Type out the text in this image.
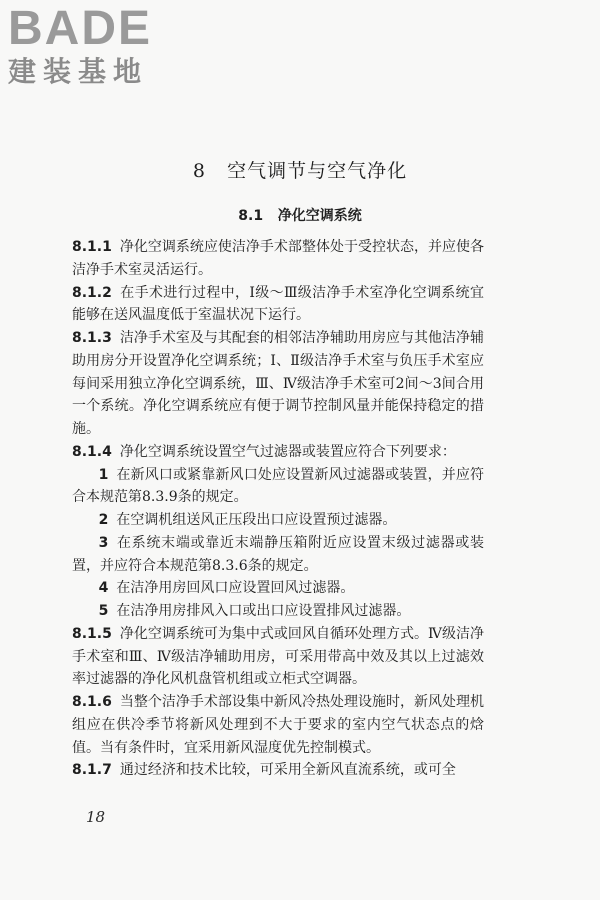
BADE
建装基地
8 空气调节与空气净化
8.1 净化空调系统

8.1.1 净化空调系统应使洁净手术部整体处于受控状态，并应使各洁净手术室灵活运行。

8.1.2 在手术进行过程中，Ⅰ级～Ⅲ级洁净手术室净化空调系统宜能够在送风温度低于室温状况下运行。

8.1.3 洁净手术室及与其配套的相邻洁净辅助用房应与其他洁净辅助用房分开设置净化空调系统；Ⅰ、Ⅱ级洁净手术室与负压手术室应每间采用独立净化空调系统，Ⅲ、Ⅳ级洁净手术室可2间～3间合用一个系统。净化空调系统应有便于调节控制风量并能保持稳定的措施。

8.1.4 净化空调系统设置空气过滤器或装置应符合下列要求：

1 在新风口或紧靠新风口处应设置新风过滤器或装置，并应符合本规范第8.3.9条的规定。

2 在空调机组送风正压段出口应设置预过滤器。

3 在系统末端或靠近末端静压箱附近应设置末级过滤器或装置，并应符合本规范第8.3.6条的规定。

4 在洁净用房回风口应设置回风过滤器。

5 在洁净用房排风入口或出口应设置排风过滤器。

8.1.5 净化空调系统可为集中式或回风自循环处理方式。Ⅳ级洁净手术室和Ⅲ、Ⅳ级洁净辅助用房，可采用带高中效及其以上过滤效率过滤器的净化风机盘管机组或立柜式空调器。

8.1.6 当整个洁净手术部设集中新风冷热处理设施时，新风处理机组应在供冷季节将新风处理到不大于要求的室内空气状态点的焓值。当有条件时，宜采用新风湿度优先控制模式。

8.1.7 通过经济和技术比较，可采用全新风直流系统，或可全

18
